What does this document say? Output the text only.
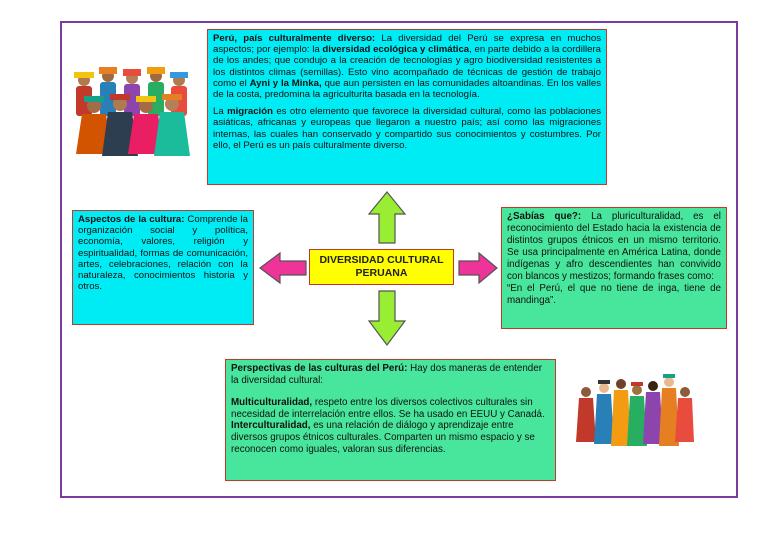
Perú, país culturalmente diverso: La diversidad del Perú se expresa en muchos aspectos; por ejemplo: la diversidad ecológica y climática, en parte debido a la cordillera de los andes; que condujo a la creación de tecnologías y agro biodiversidad resistentes a los distintos climas (semillas). Esto vino acompañado de técnicas de gestión de trabajo como el Ayni y la Minka, que aun persisten en las comunidades altoandinas. En los valles de la costa, predomina la agriculturita basada en la tecnología.

La migración es otro elemento que favorece la diversidad cultural, como las poblaciones asiáticas, africanas y europeas que llegaron a nuestro país; así como las migraciones internas, las cuales han conservado y compartido sus conocimientos y costumbres. Por ello, el Perú es un país culturalmente diverso.

Aspectos de la cultura: Comprende la organización social y política, economía, valores, religión y espiritualidad, formas de comunicación, artes, celebraciones, relación con la naturaleza, conocimientos historia y otros.
¿Sabías que?: La pluriculturalidad, es el reconocimiento del Estado hacia la existencia de distintos grupos étnicos en un mismo territorio. Se usa principalmente en América Latina, donde indígenas y afro descendientes han convivido con blancos y mestizos; formando frases como:
“En el Perú, el que no tiene de inga, tiene de mandinga”.

Perspectivas de las culturas del Perú: Hay dos maneras de entender la diversidad cultural:

Multiculturalidad, respeto entre los diversos colectivos culturales sin necesidad de interrelación entre ellos. Se ha usado en EEUU y Canadá.
Interculturalidad, es una relación de diálogo y aprendizaje entre diversos grupos étnicos culturales. Comparten un mismo espacio y se reconocen como iguales, valoran sus diferencias.
DIVERSIDAD CULTURAL
PERUANA
